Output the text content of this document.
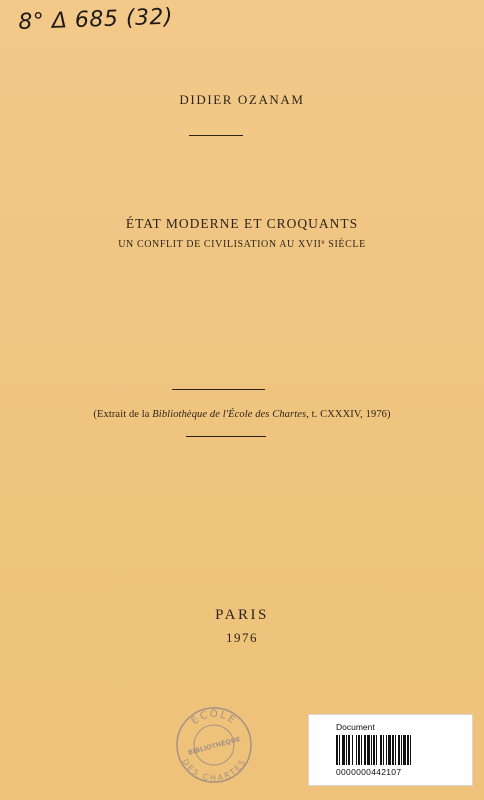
8° Δ 685 (32)
DIDIER OZANAM
ÉTAT MODERNE ET CROQUANTS
UN CONFLIT DE CIVILISATION AU XVIIe SIÈCLE
(Extrait de la Bibliothèque de l'École des Chartes, t. CXXXIV, 1976)
PARIS
1976
ÉCOLE
BIBLIOTHÈQUE
DES CHARTES
Document
0000000442107
